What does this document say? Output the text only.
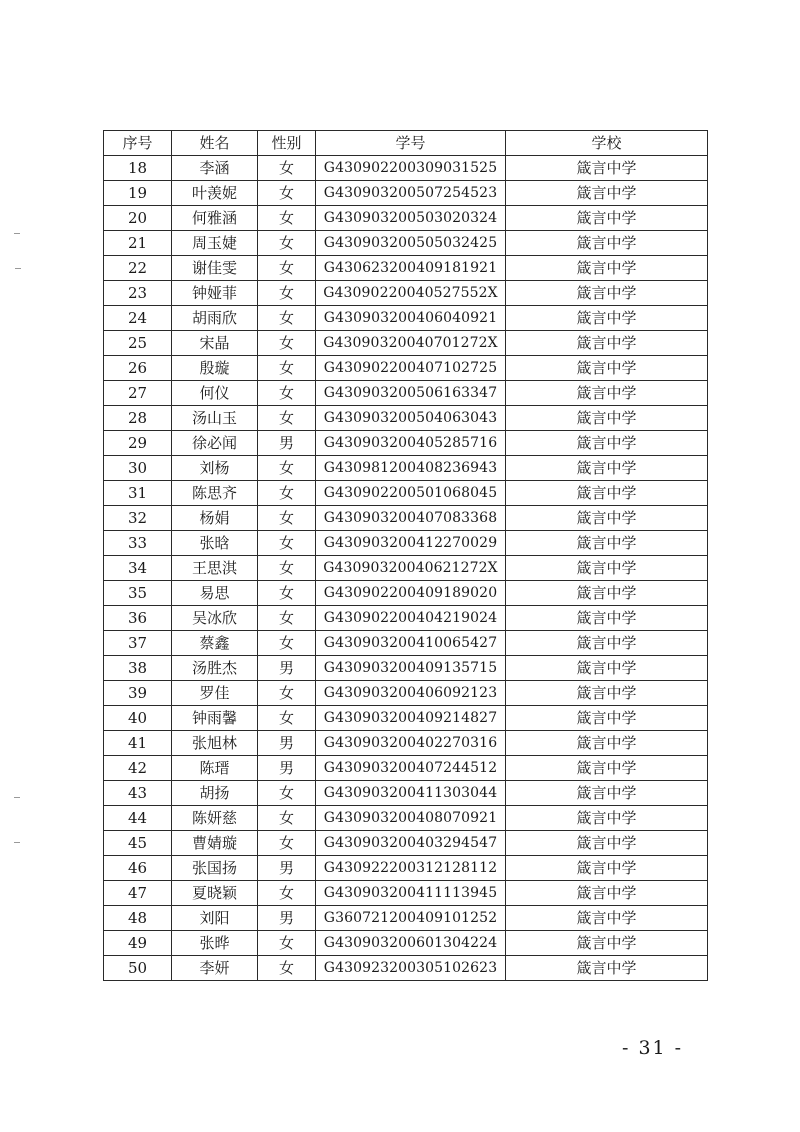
序号	姓名	性别	学号	学校
18	李涵	女	G430902200309031525	箴言中学
19	叶羡妮	女	G430903200507254523	箴言中学
20	何雅涵	女	G430903200503020324	箴言中学
21	周玉婕	女	G430903200505032425	箴言中学
22	谢佳雯	女	G430623200409181921	箴言中学
23	钟娅菲	女	G43090220040527552X	箴言中学
24	胡雨欣	女	G430903200406040921	箴言中学
25	宋晶	女	G43090320040701272X	箴言中学
26	殷璇	女	G430902200407102725	箴言中学
27	何仪	女	G430903200506163347	箴言中学
28	汤山玉	女	G430903200504063043	箴言中学
29	徐必闻	男	G430903200405285716	箴言中学
30	刘杨	女	G430981200408236943	箴言中学
31	陈思齐	女	G430902200501068045	箴言中学
32	杨娟	女	G430903200407083368	箴言中学
33	张晗	女	G430903200412270029	箴言中学
34	王思淇	女	G43090320040621272X	箴言中学
35	易思	女	G430902200409189020	箴言中学
36	吴冰欣	女	G430902200404219024	箴言中学
37	蔡鑫	女	G430903200410065427	箴言中学
38	汤胜杰	男	G430903200409135715	箴言中学
39	罗佳	女	G430903200406092123	箴言中学
40	钟雨馨	女	G430903200409214827	箴言中学
41	张旭林	男	G430903200402270316	箴言中学
42	陈瑨	男	G430903200407244512	箴言中学
43	胡扬	女	G430903200411303044	箴言中学
44	陈妍慈	女	G430903200408070921	箴言中学
45	曹婧璇	女	G430903200403294547	箴言中学
46	张国扬	男	G430922200312128112	箴言中学
47	夏晓颖	女	G430903200411113945	箴言中学
48	刘阳	男	G360721200409101252	箴言中学
49	张晔	女	G430903200601304224	箴言中学
50	李妍	女	G430923200305102623	箴言中学
- 31 -
